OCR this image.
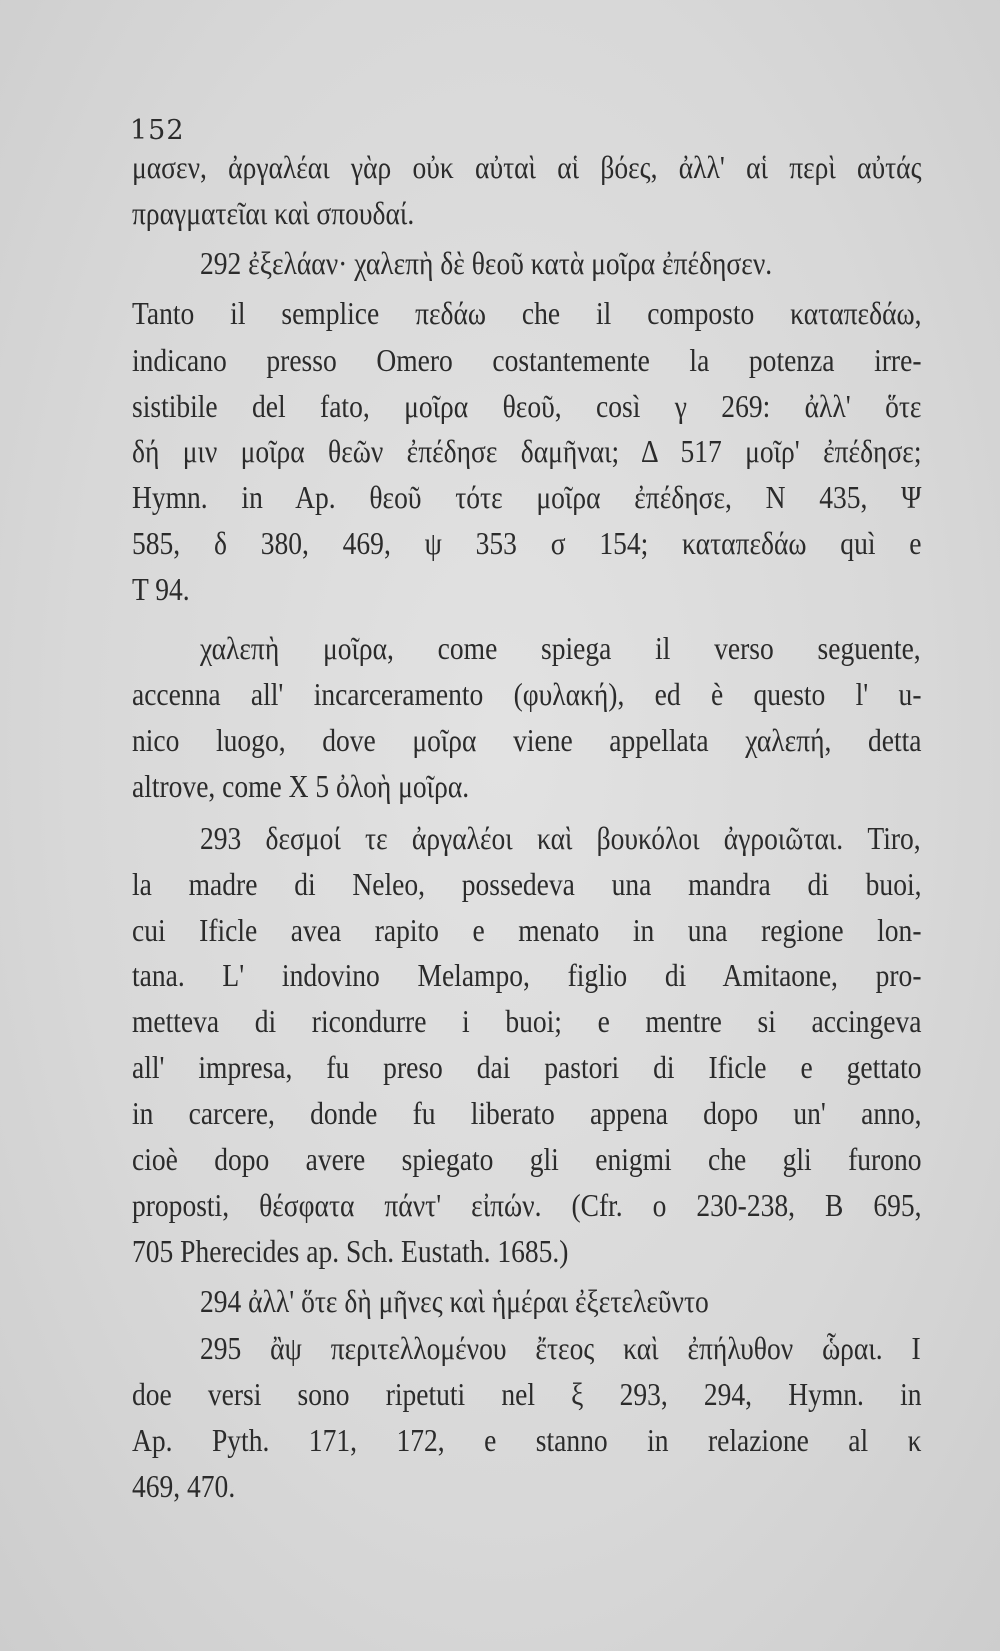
152
μασεν, ἀργαλέαι γὰρ οὐκ αὐταὶ αἱ βόες, ἀλλ' αἱ περὶ αὐτάς
πραγματεῖαι καὶ σπουδαί.
292 ἐξελάαν· χαλεπὴ δὲ θεοῦ κατὰ μοῖρα ἐπέδησεν.
Tanto il semplice πεδάω che il composto καταπεδάω,
indicano presso Omero costantemente la potenza irre-
sistibile del fato, μοῖρα θεοῦ, così γ 269: ἀλλ' ὅτε
δή μιν μοῖρα θεῶν ἐπέδησε δαμῆναι; Δ 517 μοῖρ' ἐπέδησε;
Hymn. in Ap. θεοῦ τότε μοῖρα ἐπέδησε, N 435, Ψ
585, δ 380, 469, ψ 353 σ 154; καταπεδάω quì e
T 94.
χαλεπὴ μοῖρα, come spiega il verso seguente,
accenna all' incarceramento (φυλακή), ed è questo l' u-
nico luogo, dove μοῖρα viene appellata χαλεπή, detta
altrove, come X 5 ὀλοὴ μοῖρα.
293 δεσμοί τε ἀργαλέοι καὶ βουκόλοι ἀγροιῶται. Tiro,
la madre di Neleo, possedeva una mandra di buoi,
cui Ificle avea rapito e menato in una regione lon-
tana. L' indovino Melampo, figlio di Amitaone, pro-
metteva di ricondurre i buoi; e mentre si accingeva
all' impresa, fu preso dai pastori di Ificle e gettato
in carcere, donde fu liberato appena dopo un' anno,
cioè dopo avere spiegato gli enigmi che gli furono
proposti, θέσφατα πάντ' εἰπών. (Cfr. ο 230-238, B 695,
705 Pherecides ap. Sch. Eustath. 1685.)
294 ἀλλ' ὅτε δὴ μῆνες καὶ ἡμέραι ἐξετελεῦντο
295 ἂψ περιτελλομένου ἔτεος καὶ ἐπήλυθον ὧραι. I
doe versi sono ripetuti nel ξ 293, 294, Hymn. in
Ap. Pyth. 171, 172, e stanno in relazione al κ
469, 470.
